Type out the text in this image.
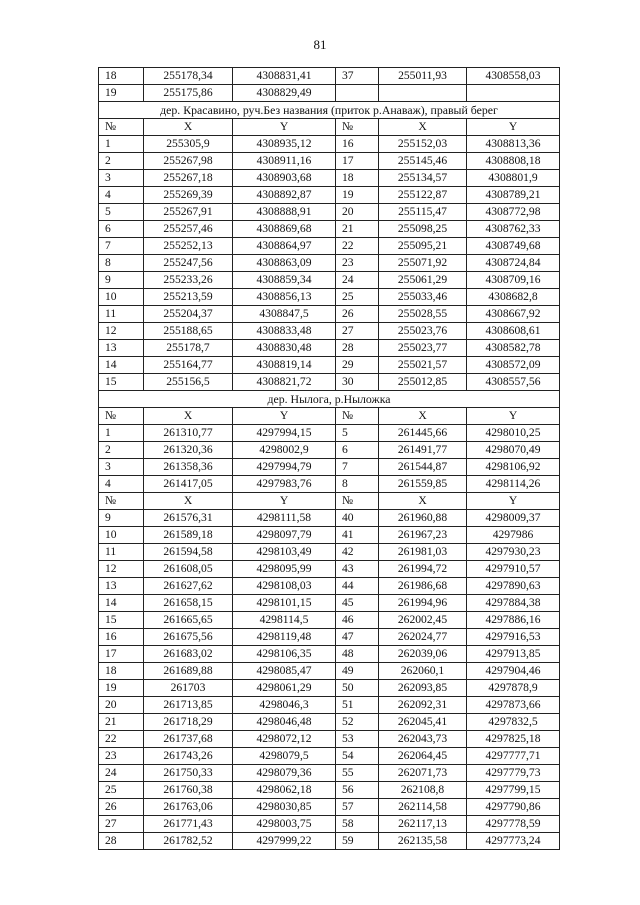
81
18	255178,34	4308831,41	37	255011,93	4308558,03
19	255175,86	4308829,49			
дер. Красавино, руч.Без названия (приток р.Анаваж), правый берег					
№	X	Y	№	X	Y
1	255305,9	4308935,12	16	255152,03	4308813,36
2	255267,98	4308911,16	17	255145,46	4308808,18
3	255267,18	4308903,68	18	255134,57	4308801,9
4	255269,39	4308892,87	19	255122,87	4308789,21
5	255267,91	4308888,91	20	255115,47	4308772,98
6	255257,46	4308869,68	21	255098,25	4308762,33
7	255252,13	4308864,97	22	255095,21	4308749,68
8	255247,56	4308863,09	23	255071,92	4308724,84
9	255233,26	4308859,34	24	255061,29	4308709,16
10	255213,59	4308856,13	25	255033,46	4308682,8
11	255204,37	4308847,5	26	255028,55	4308667,92
12	255188,65	4308833,48	27	255023,76	4308608,61
13	255178,7	4308830,48	28	255023,77	4308582,78
14	255164,77	4308819,14	29	255021,57	4308572,09
15	255156,5	4308821,72	30	255012,85	4308557,56
дер. Нылога, р.Ныложка					
№	X	Y	№	X	Y
1	261310,77	4297994,15	5	261445,66	4298010,25
2	261320,36	4298002,9	6	261491,77	4298070,49
3	261358,36	4297994,79	7	261544,87	4298106,92
4	261417,05	4297983,76	8	261559,85	4298114,26
№	X	Y	№	X	Y
9	261576,31	4298111,58	40	261960,88	4298009,37
10	261589,18	4298097,79	41	261967,23	4297986
11	261594,58	4298103,49	42	261981,03	4297930,23
12	261608,05	4298095,99	43	261994,72	4297910,57
13	261627,62	4298108,03	44	261986,68	4297890,63
14	261658,15	4298101,15	45	261994,96	4297884,38
15	261665,65	4298114,5	46	262002,45	4297886,16
16	261675,56	4298119,48	47	262024,77	4297916,53
17	261683,02	4298106,35	48	262039,06	4297913,85
18	261689,88	4298085,47	49	262060,1	4297904,46
19	261703	4298061,29	50	262093,85	4297878,9
20	261713,85	4298046,3	51	262092,31	4297873,66
21	261718,29	4298046,48	52	262045,41	4297832,5
22	261737,68	4298072,12	53	262043,73	4297825,18
23	261743,26	4298079,5	54	262064,45	4297777,71
24	261750,33	4298079,36	55	262071,73	4297779,73
25	261760,38	4298062,18	56	262108,8	4297799,15
26	261763,06	4298030,85	57	262114,58	4297790,86
27	261771,43	4298003,75	58	262117,13	4297778,59
28	261782,52	4297999,22	59	262135,58	4297773,24
